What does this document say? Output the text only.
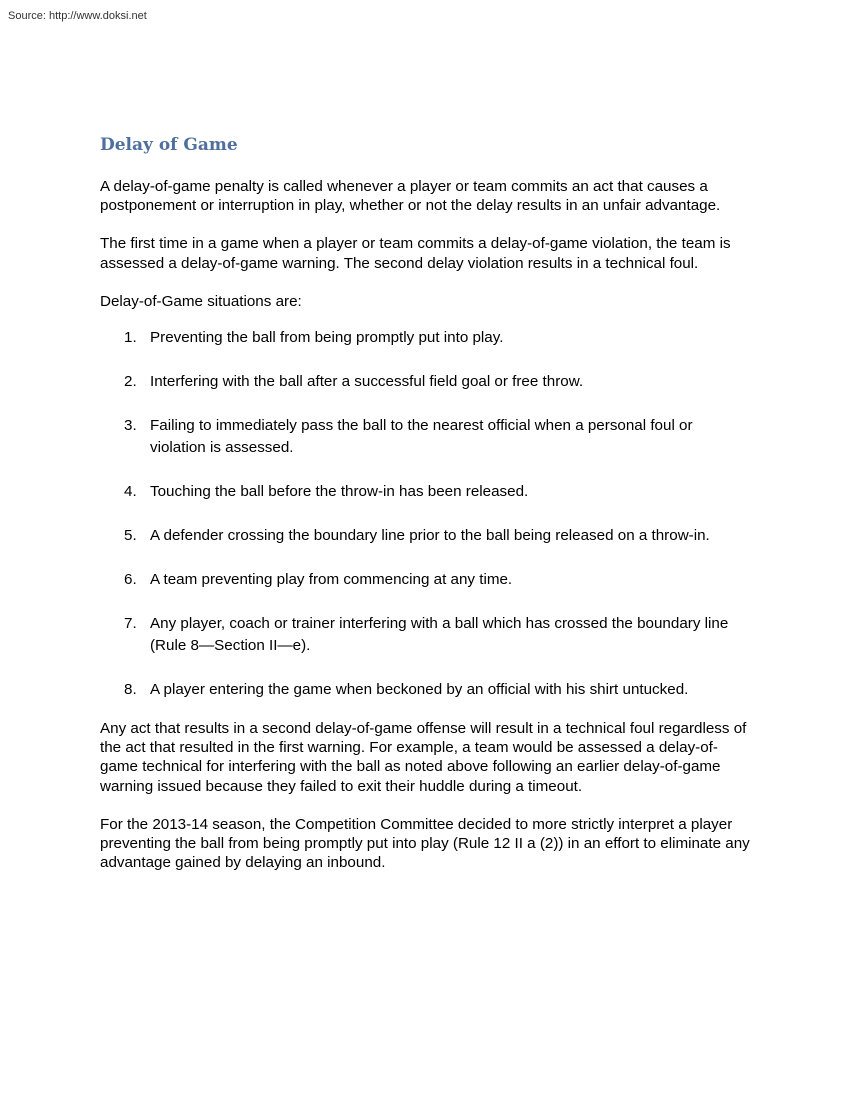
Source: http://www.doksi.net
Delay of Game

A delay-of-game penalty is called whenever a player or team commits an act that causes a postponement or interruption in play, whether or not the delay results in an unfair advantage.

The first time in a game when a player or team commits a delay-of-game violation, the team is assessed a delay-of-game warning. The second delay violation results in a technical foul.

Delay-of-Game situations are:

1. Preventing the ball from being promptly put into play.
2. Interfering with the ball after a successful field goal or free throw.
3. Failing to immediately pass the ball to the nearest official when a personal foul or violation is assessed.
4. Touching the ball before the throw-in has been released.
5. A defender crossing the boundary line prior to the ball being released on a throw-in.
6. A team preventing play from commencing at any time.
7. Any player, coach or trainer interfering with a ball which has crossed the boundary line (Rule 8—Section II—e).
8. A player entering the game when beckoned by an official with his shirt untucked.

Any act that results in a second delay-of-game offense will result in a technical foul regardless of the act that resulted in the first warning. For example, a team would be assessed a delay-of-game technical for interfering with the ball as noted above following an earlier delay-of-game warning issued because they failed to exit their huddle during a timeout.

For the 2013-14 season, the Competition Committee decided to more strictly interpret a player preventing the ball from being promptly put into play (Rule 12 II a (2)) in an effort to eliminate any advantage gained by delaying an inbound.
